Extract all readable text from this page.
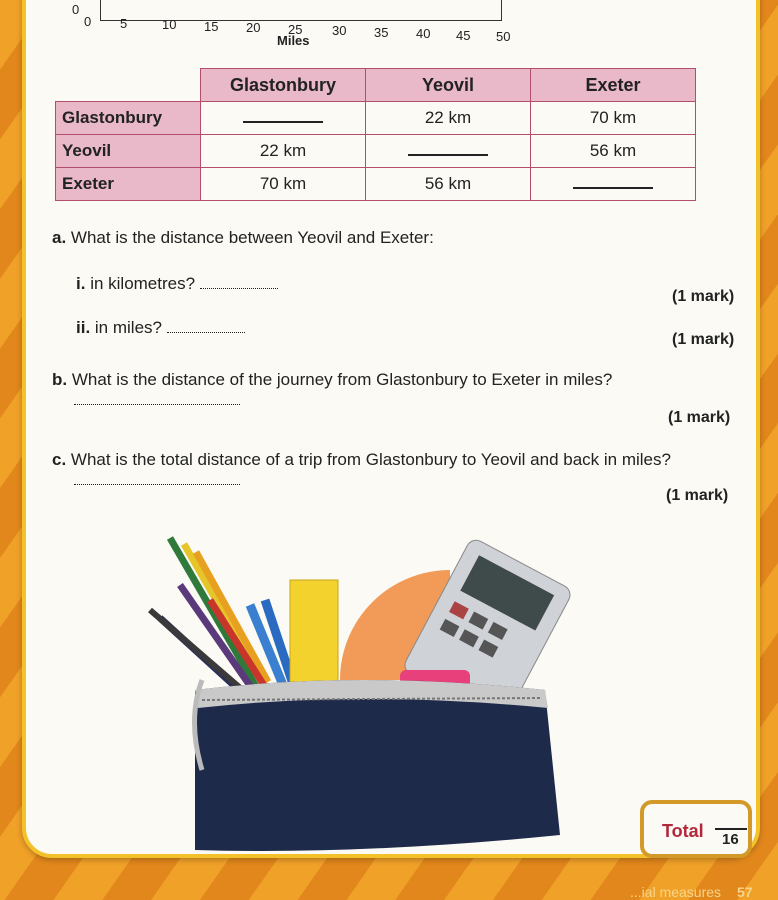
0
0 5	10 15 20 25 30 35 40 45 50
Miles
	Glastonbury	Yeovil	Exeter
Glastonbury		22 km	70 km
Yeovil	22 km		56 km
Exeter	70 km	56 km	
a. What is the distance between Yeovil and Exeter:
i. in kilometres?
(1 mark)
ii. in miles?
(1 mark)
b. What is the distance of the journey from Glastonbury to Exeter in miles?
(1 mark)
c. What is the total distance of a trip from Glastonbury to Yeovil and back in miles?
(1 mark)
Total 16
...ial measures 57
